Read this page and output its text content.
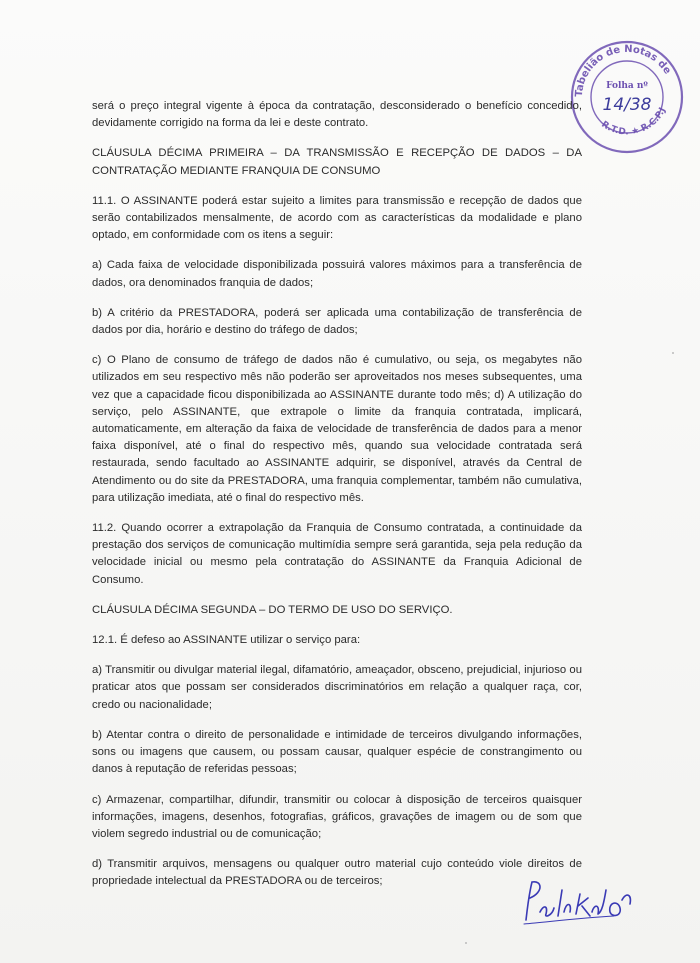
Tabelião de Notas de
R.T.D. ★ R.C.P.J
Folha nº
14/38

será o preço integral vigente à época da contratação, desconsiderado o benefício concedido, devidamente corrigido na forma da lei e deste contrato.

CLÁUSULA DÉCIMA PRIMEIRA – DA TRANSMISSÃO E RECEPÇÃO DE DADOS – DA CONTRATAÇÃO MEDIANTE FRANQUIA DE CONSUMO

11.1. O ASSINANTE poderá estar sujeito a limites para transmissão e recepção de dados que serão contabilizados mensalmente, de acordo com as características da modalidade e plano optado, em conformidade com os itens a seguir:

a) Cada faixa de velocidade disponibilizada possuirá valores máximos para a transferência de dados, ora denominados franquia de dados;

b) A critério da PRESTADORA, poderá ser aplicada uma contabilização de transferência de dados por dia, horário e destino do tráfego de dados;

c) O Plano de consumo de tráfego de dados não é cumulativo, ou seja, os megabytes não utilizados em seu respectivo mês não poderão ser aproveitados nos meses subsequentes, uma vez que a capacidade ficou disponibilizada ao ASSINANTE durante todo mês; d) A utilização do serviço, pelo ASSINANTE, que extrapole o limite da franquia contratada, implicará, automaticamente, em alteração da faixa de velocidade de transferência de dados para a menor faixa disponível, até o final do respectivo mês, quando sua velocidade contratada será restaurada, sendo facultado ao ASSINANTE adquirir, se disponível, através da Central de Atendimento ou do site da PRESTADORA, uma franquia complementar, também não cumulativa, para utilização imediata, até o final do respectivo mês.

11.2. Quando ocorrer a extrapolação da Franquia de Consumo contratada, a continuidade da prestação dos serviços de comunicação multimídia sempre será garantida, seja pela redução da velocidade inicial ou mesmo pela contratação do ASSINANTE da Franquia Adicional de Consumo.

CLÁUSULA DÉCIMA SEGUNDA – DO TERMO DE USO DO SERVIÇO.

12.1. É defeso ao ASSINANTE utilizar o serviço para:

a) Transmitir ou divulgar material ilegal, difamatório, ameaçador, obsceno, prejudicial, injurioso ou praticar atos que possam ser considerados discriminatórios em relação a qualquer raça, cor, credo ou nacionalidade;

b) Atentar contra o direito de personalidade e intimidade de terceiros divulgando informações, sons ou imagens que causem, ou possam causar, qualquer espécie de constrangimento ou danos à reputação de referidas pessoas;

c) Armazenar, compartilhar, difundir, transmitir ou colocar à disposição de terceiros quaisquer informações, imagens, desenhos, fotografias, gráficos, gravações de imagem ou de som que violem segredo industrial ou de comunicação;

d) Transmitir arquivos, mensagens ou qualquer outro material cujo conteúdo viole direitos de propriedade intelectual da PRESTADORA ou de terceiros;
